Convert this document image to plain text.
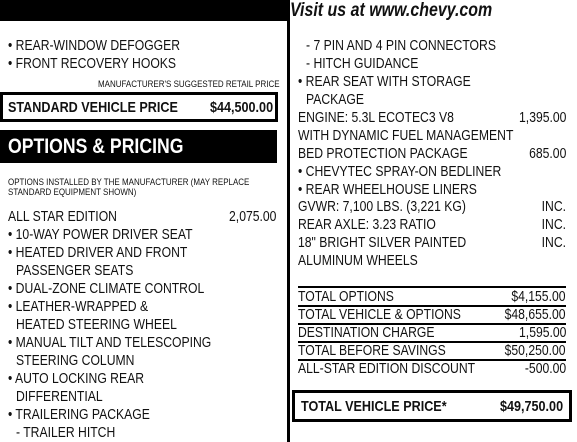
Visit us at www.chevy.com
• REAR-WINDOW DEFOGGER
• FRONT RECOVERY HOOKS
MANUFACTURER'S SUGGESTED RETAIL PRICE
STANDARD VEHICLE PRICE	$44,500.00
OPTIONS & PRICING
OPTIONS INSTALLED BY THE MANUFACTURER (MAY REPLACE
STANDARD EQUIPMENT SHOWN)
ALL STAR EDITION	2,075.00
• 10-WAY POWER DRIVER SEAT
• HEATED DRIVER AND FRONT
PASSENGER SEATS
• DUAL-ZONE CLIMATE CONTROL
• LEATHER-WRAPPED &
HEATED STEERING WHEEL
• MANUAL TILT AND TELESCOPING
STEERING COLUMN
• AUTO LOCKING REAR
DIFFERENTIAL
• TRAILERING PACKAGE
- TRAILER HITCH
- 7 PIN AND 4 PIN CONNECTORS
- HITCH GUIDANCE
• REAR SEAT WITH STORAGE
PACKAGE
ENGINE: 5.3L ECOTEC3 V8	1,395.00
WITH DYNAMIC FUEL MANAGEMENT
BED PROTECTION PACKAGE	685.00
• CHEVYTEC SPRAY-ON BEDLINER
• REAR WHEELHOUSE LINERS
GVWR: 7,100 LBS. (3,221 KG)	INC.
REAR AXLE: 3.23 RATIO	INC.
18" BRIGHT SILVER PAINTED	INC.
ALUMINUM WHEELS
TOTAL OPTIONS	$4,155.00
TOTAL VEHICLE & OPTIONS	$48,655.00
DESTINATION CHARGE	1,595.00
TOTAL BEFORE SAVINGS	$50,250.00
ALL-STAR EDITION DISCOUNT	-500.00
TOTAL VEHICLE PRICE*	$49,750.00
